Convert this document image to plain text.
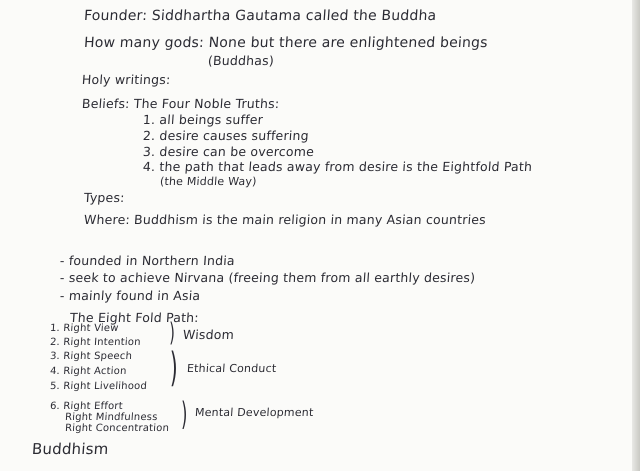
Founder: Siddhartha Gautama called the Buddha
How many gods: None but there are enlightened beings
(Buddhas)
Holy writings:
Beliefs: The Four Noble Truths:
1. all beings suffer
2. desire causes suffering
3. desire can be overcome
4. the path that leads away from desire is the Eightfold Path
(the Middle Way)
Types:
Where: Buddhism is the main religion in many Asian countries
- founded in Northern India
- seek to achieve Nirvana (freeing them from all earthly desires)
- mainly found in Asia
The Eight Fold Path:
1. Right View
2. Right Intention ) Wisdom
3. Right Speech
4. Right Action
5. Right Livelihood ) Ethical Conduct
6. Right Effort
Right Mindfulness
Right Concentration ) Mental Development
Buddhism
